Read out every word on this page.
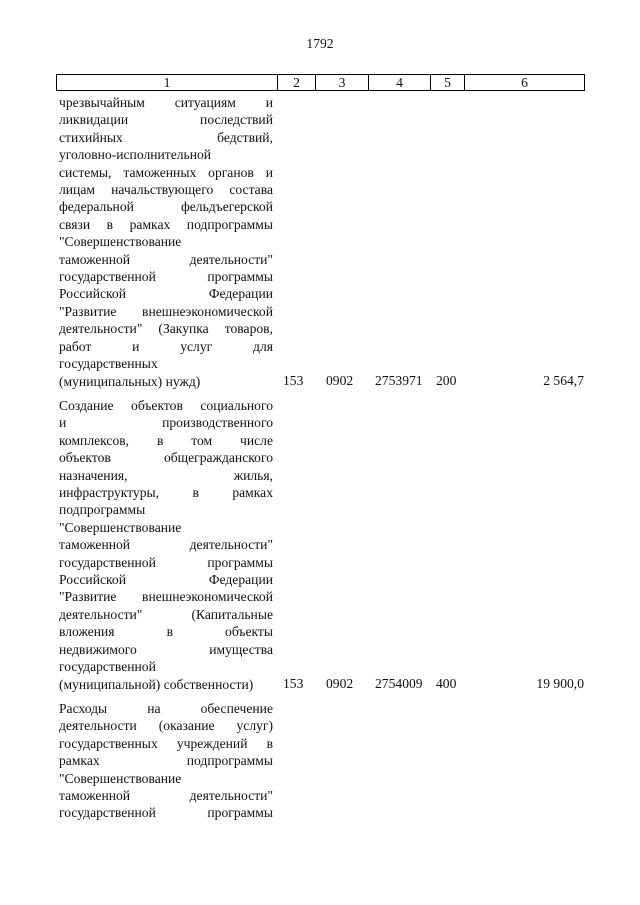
1792
1	2	3	4	5	6
чрезвычайным ситуациям и
ликвидации последствий
стихийных бедствий,
уголовно-исполнительной
системы, таможенных органов и
лицам начальствующего состава
федеральной фельдъегерской
связи в рамках подпрограммы
"Совершенствование
таможенной деятельности"
государственной программы
Российской Федерации
"Развитие внешнеэкономической
деятельности" (Закупка товаров,
работ и услуг для
государственных
(муниципальных) нужд)	153 0902 2753971 200	2 564,7
Создание объектов социального
и производственного
комплексов, в том числе
объектов общегражданского
назначения, жилья,
инфраструктуры, в рамках
подпрограммы
"Совершенствование
таможенной деятельности"
государственной программы
Российской Федерации
"Развитие внешнеэкономической
деятельности" (Капитальные
вложения в объекты
недвижимого имущества
государственной
(муниципальной) собственности)	153 0902 2754009 400	19 900,0
Расходы на обеспечение
деятельности (оказание услуг)
государственных учреждений в
рамках подпрограммы
"Совершенствование
таможенной деятельности"
государственной программы
